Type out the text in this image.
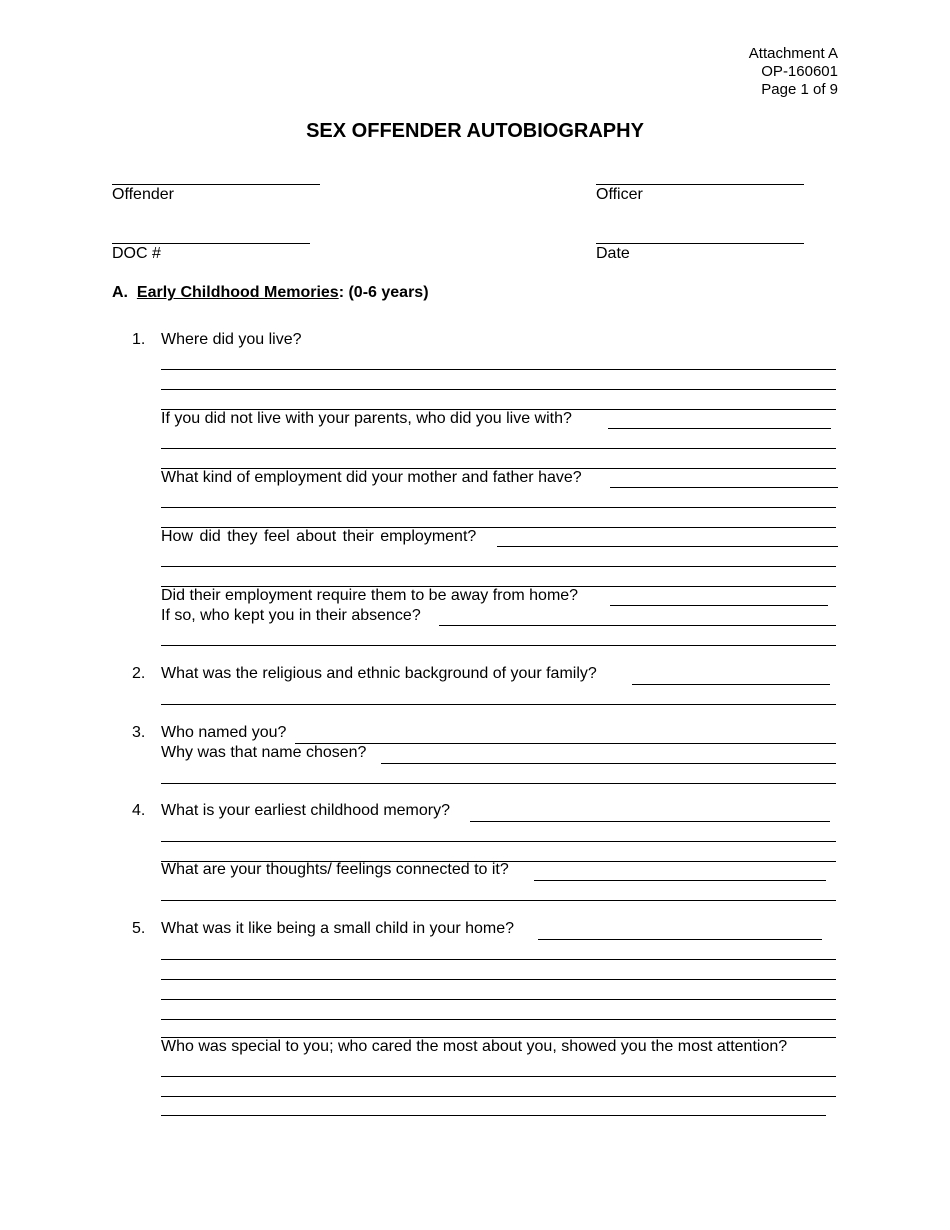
Attachment A
OP-160601
Page 1 of 9
SEX OFFENDER AUTOBIOGRAPHY
Offender	Officer
DOC #	Date
A. Early Childhood Memories: (0-6 years)
1. Where did you live?
If you did not live with your parents, who did you live with?
What kind of employment did your mother and father have?
How did they feel about their employment?
Did their employment require them to be away from home?
If so, who kept you in their absence?
2. What was the religious and ethnic background of your family?
3. Who named you?
Why was that name chosen?
4. What is your earliest childhood memory?
What are your thoughts/ feelings connected to it?
5. What was it like being a small child in your home?
Who was special to you; who cared the most about you, showed you the most attention?
